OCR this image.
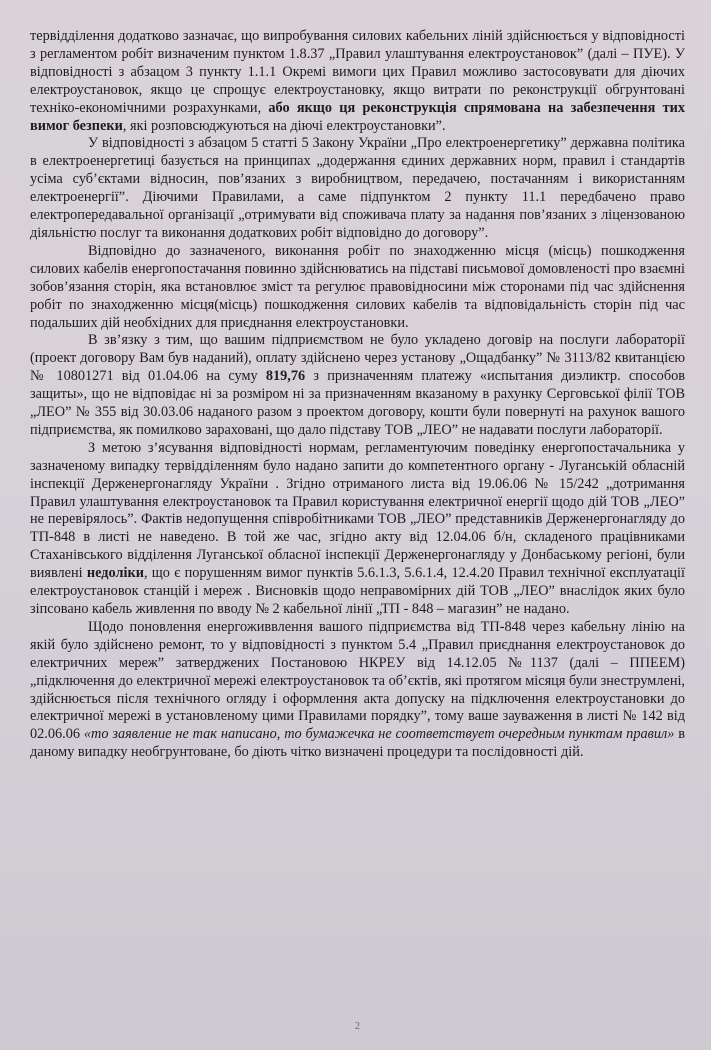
тервідділення додатково зазначає, що випробування силових кабельних ліній здійснюється у відповідності з регламентом робіт визначеним пунктом 1.8.37 „Правил улаштування електроустановок” (далі – ПУЕ). У відповідності з абзацом 3 пункту 1.1.1 Окремі вимоги цих Правил можливо застосовувати для діючих електроустановок, якщо це спрощує електроустановку, якщо витрати по реконструкції обгрунтовані техніко-економічними розрахунками, або якщо ця реконструкція спрямована на забезпечення тих вимог безпеки, які розповсюджуються на діючі електроустановки”.

У відповідності з абзацом 5 статті 5 Закону України „Про електроенергетику” державна політика в електроенергетиці базується на принципах „додержання єдиних державних норм, правил і стандартів усіма суб’єктами відносин, пов’язаних з виробництвом, передачею, постачанням і використанням електроенергії”. Діючими Правилами, а саме підпунктом 2 пункту 11.1 передбачено право електропередавальної організації „отримувати від споживача плату за надання пов’язаних з ліцензованою діяльністю послуг та виконання додаткових робіт відповідно до договору”.

Відповідно до зазначеного, виконання робіт по знаходженню місця (місць) пошкодження силових кабелів енергопостачання повинно здійснюватись на підставі письмової домовленості про взаємні зобов’язання сторін, яка встановлює зміст та регулює правовідносини між сторонами під час здійснення робіт по знаходженню місця(місць) пошкодження силових кабелів та відповідальність сторін під час подальших дій необхідних для приєднання електроустановки.

В зв’язку з тим, що вашим підприємством не було укладено договір на послуги лабораторії (проект договору Вам був наданий), оплату здійснено через установу „Ощадбанку” № 3113/82 квитанцією № 10801271 від 01.04.06 на суму 819,76 з призначенням платежу «испытания диэликтр. способов защиты», що не відповідає ні за розміром ні за призначенням вказаному в рахунку Серговської філії ТОВ „ЛЕО” № 355 від 30.03.06 наданого разом з проектом договору, кошти були повернуті на рахунок вашого підприємства, як помилково зараховані, що дало підставу ТОВ „ЛЕО” не надавати послуги лабораторії.

З метою з’ясування відповідності нормам, регламентуючим поведінку енергопостачальника у зазначеному випадку тервідділенням було надано запити до компетентного органу - Луганській обласній інспекції Держенергонагляду України . Згідно отриманого листа від 19.06.06 № 15/242 „дотримання Правил улаштування електроустановок та Правил користування електричної енергії щодо дій ТОВ „ЛЕО” не перевірялось”. Фактів недопущення співробітниками ТОВ „ЛЕО” представників Держенергонагляду до ТП-848 в листі не наведено. В той же час, згідно акту від 12.04.06 б/н, складеного працівниками Стаханівського відділення Луганської обласної інспекції Держенергонагляду у Донбаському регіоні, були виявлені недоліки, що є порушенням вимог пунктів 5.6.1.3, 5.6.1.4, 12.4.20 Правил технічної експлуатації електроустановок станцій і мереж . Висновків щодо неправомірних дій ТОВ „ЛЕО” внаслідок яких було зіпсовано кабель живлення по вводу № 2 кабельної лінії „ТП - 848 – магазин” не надано.

Щодо поновлення енергоживвлення вашого підприємства від ТП-848 через кабельну лінію на якій було здійснено ремонт, то у відповідності з пунктом 5.4 „Правил приєднання електроустановок до електричних мереж” затверджених Постановою НКРЕУ від 14.12.05 №1137 (далі – ППЕЕМ) „підключення до електричної мережі електроустановок та об’єктів, які протягом місяця були знеструмлені, здійснюється після технічного огляду і оформлення акта допуску на підключення електроустановки до електричної мережі в установленому цими Правилами порядку”, тому ваше зауваження в листі № 142 від 02.06.06 «то заявление не так написано, то бумажечка не соответствует очередным пунктам правил» в даному випадку необгрунтоване, бо діють чітко визначені процедури та послідовності дій.

2
